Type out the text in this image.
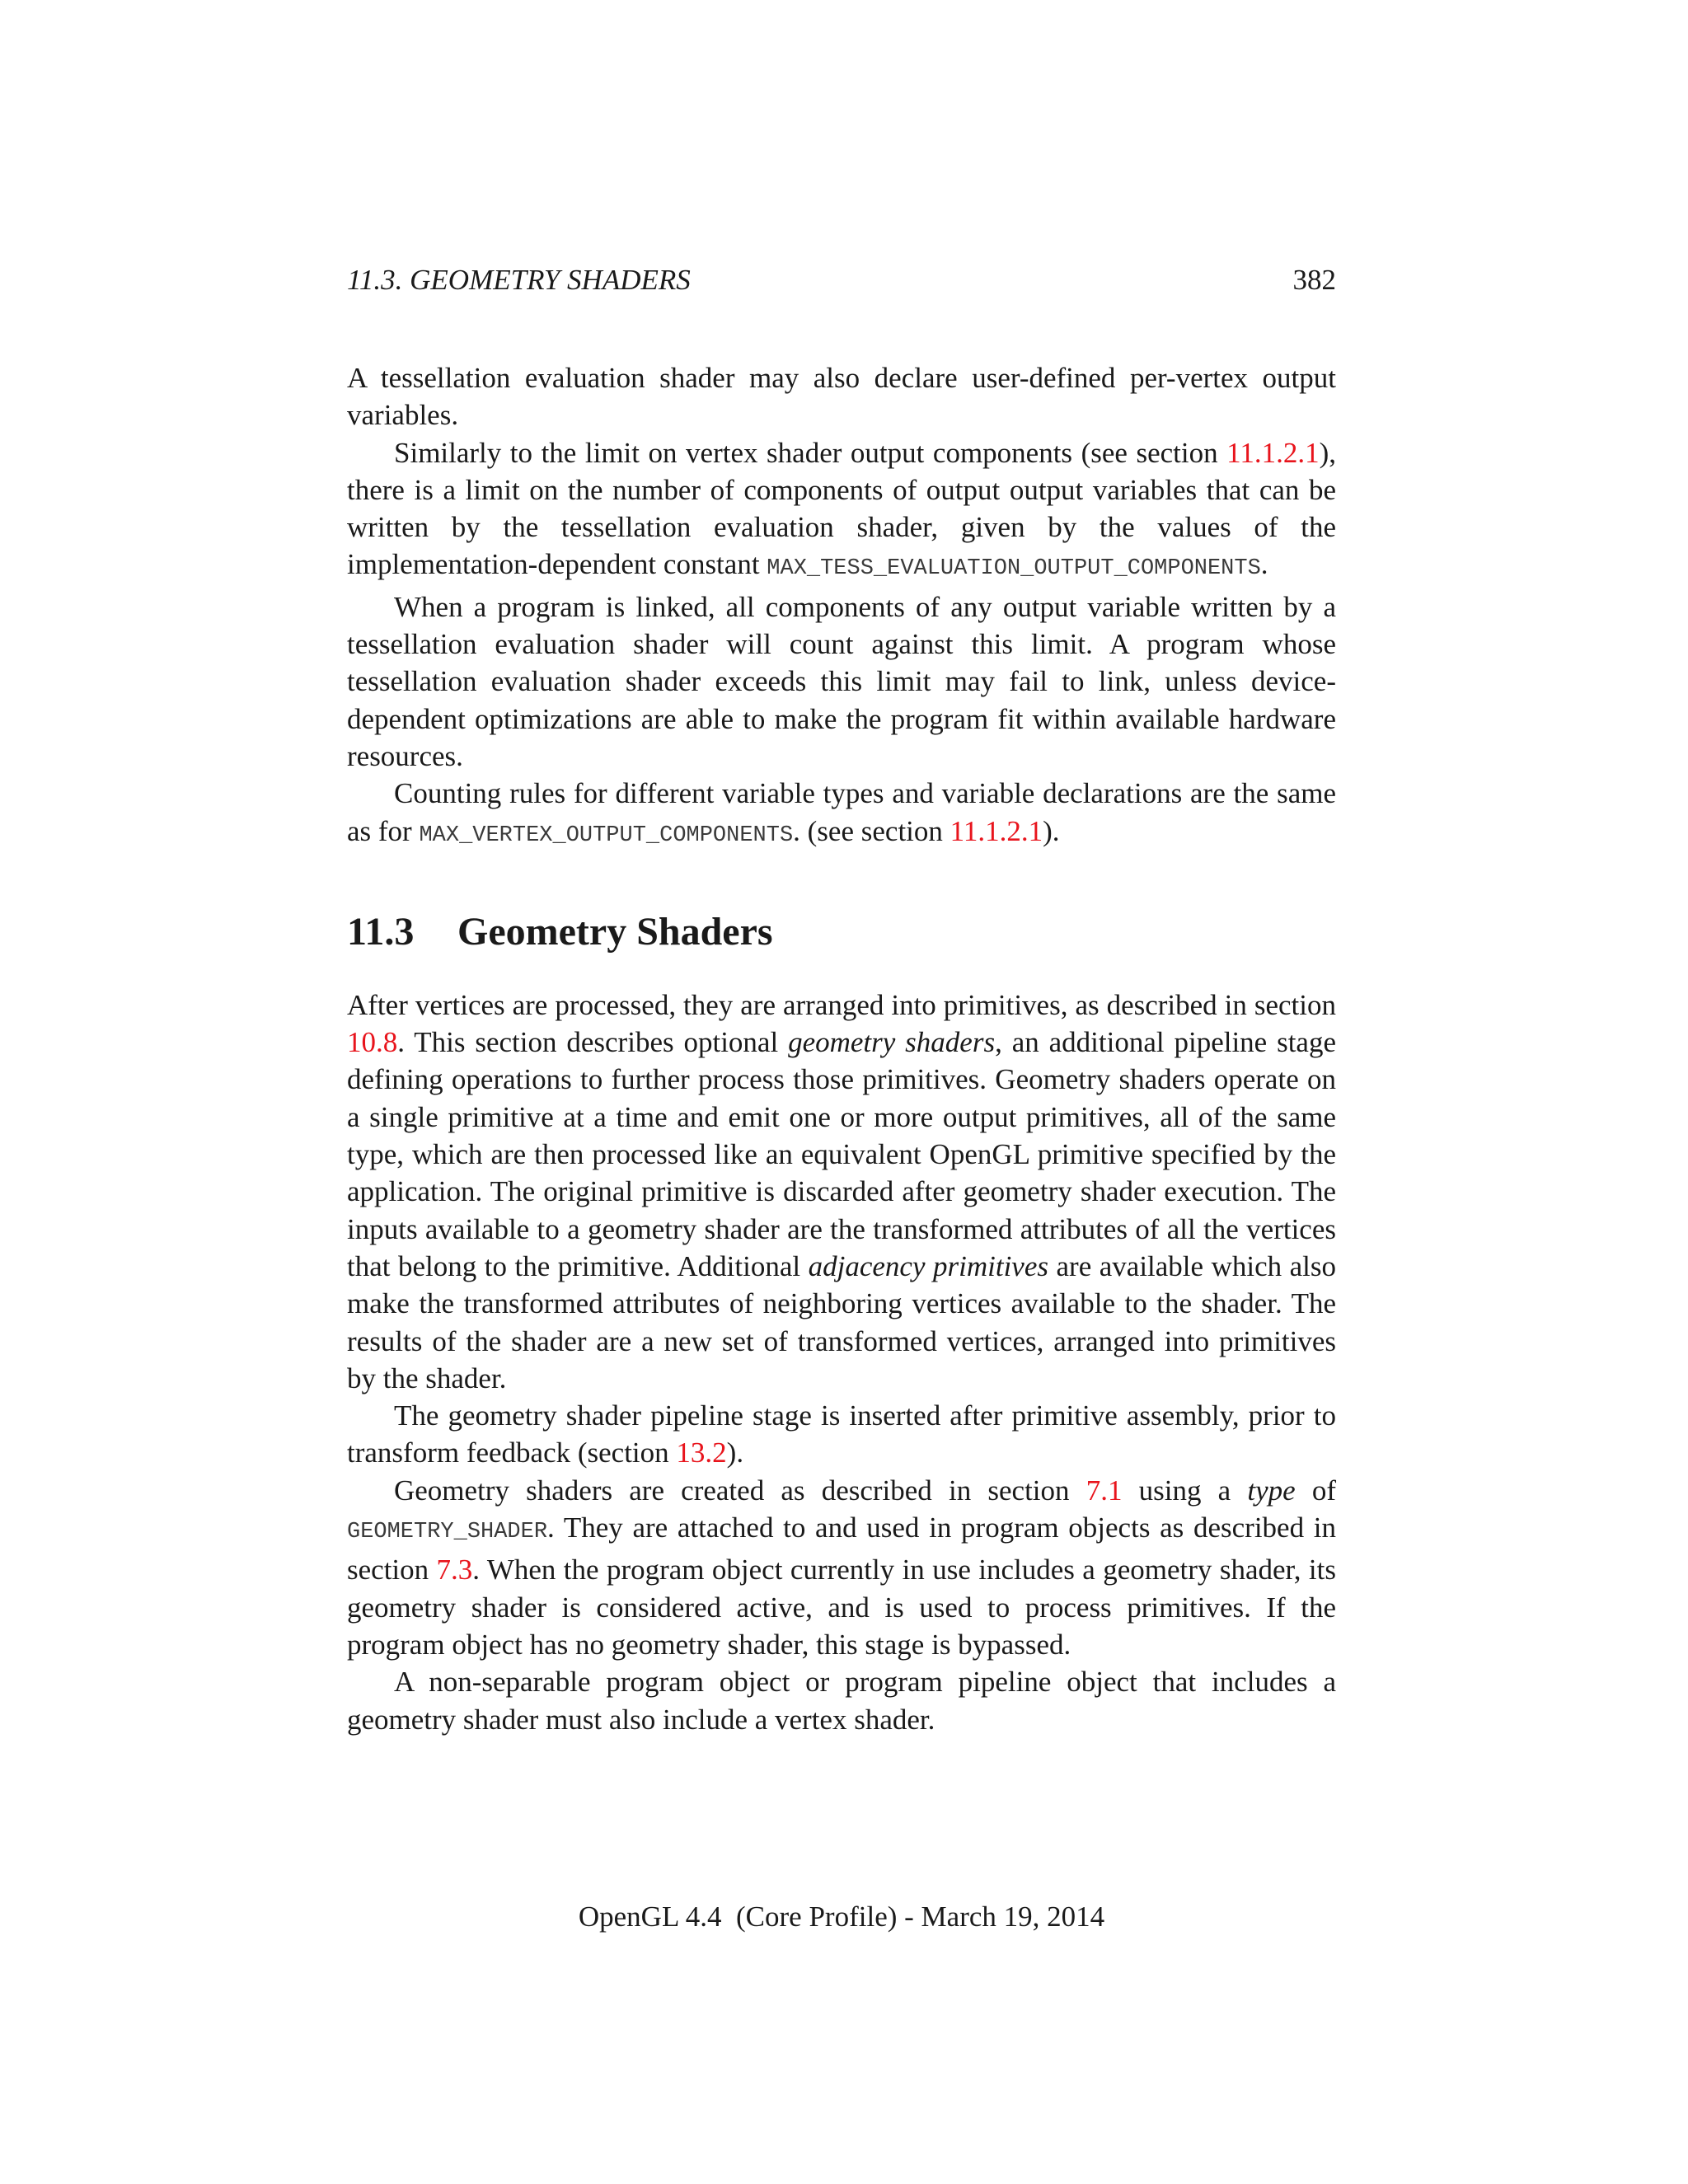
11.3. GEOMETRY SHADERS	382

A tessellation evaluation shader may also declare user-defined per-vertex output variables.

Similarly to the limit on vertex shader output components (see section 11.1.2.1), there is a limit on the number of components of output output variables that can be written by the tessellation evaluation shader, given by the values of the implementation-dependent constant MAX_TESS_EVALUATION_OUTPUT_COMPONENTS.

When a program is linked, all components of any output variable written by a tessellation evaluation shader will count against this limit. A program whose tessellation evaluation shader exceeds this limit may fail to link, unless device-dependent optimizations are able to make the program fit within available hardware resources.

Counting rules for different variable types and variable declarations are the same as for MAX_VERTEX_OUTPUT_COMPONENTS. (see section 11.1.2.1).

11.3 Geometry Shaders

After vertices are processed, they are arranged into primitives, as described in section 10.8. This section describes optional geometry shaders, an additional pipeline stage defining operations to further process those primitives. Geometry shaders operate on a single primitive at a time and emit one or more output primitives, all of the same type, which are then processed like an equivalent OpenGL primitive specified by the application. The original primitive is discarded after geometry shader execution. The inputs available to a geometry shader are the transformed attributes of all the vertices that belong to the primitive. Additional adjacency primitives are available which also make the transformed attributes of neighboring vertices available to the shader. The results of the shader are a new set of transformed vertices, arranged into primitives by the shader.

The geometry shader pipeline stage is inserted after primitive assembly, prior to transform feedback (section 13.2).

Geometry shaders are created as described in section 7.1 using a type of GEOMETRY_SHADER. They are attached to and used in program objects as described in section 7.3. When the program object currently in use includes a geometry shader, its geometry shader is considered active, and is used to process primitives. If the program object has no geometry shader, this stage is bypassed.

A non-separable program object or program pipeline object that includes a geometry shader must also include a vertex shader.

OpenGL 4.4  (Core Profile) - March 19, 2014
